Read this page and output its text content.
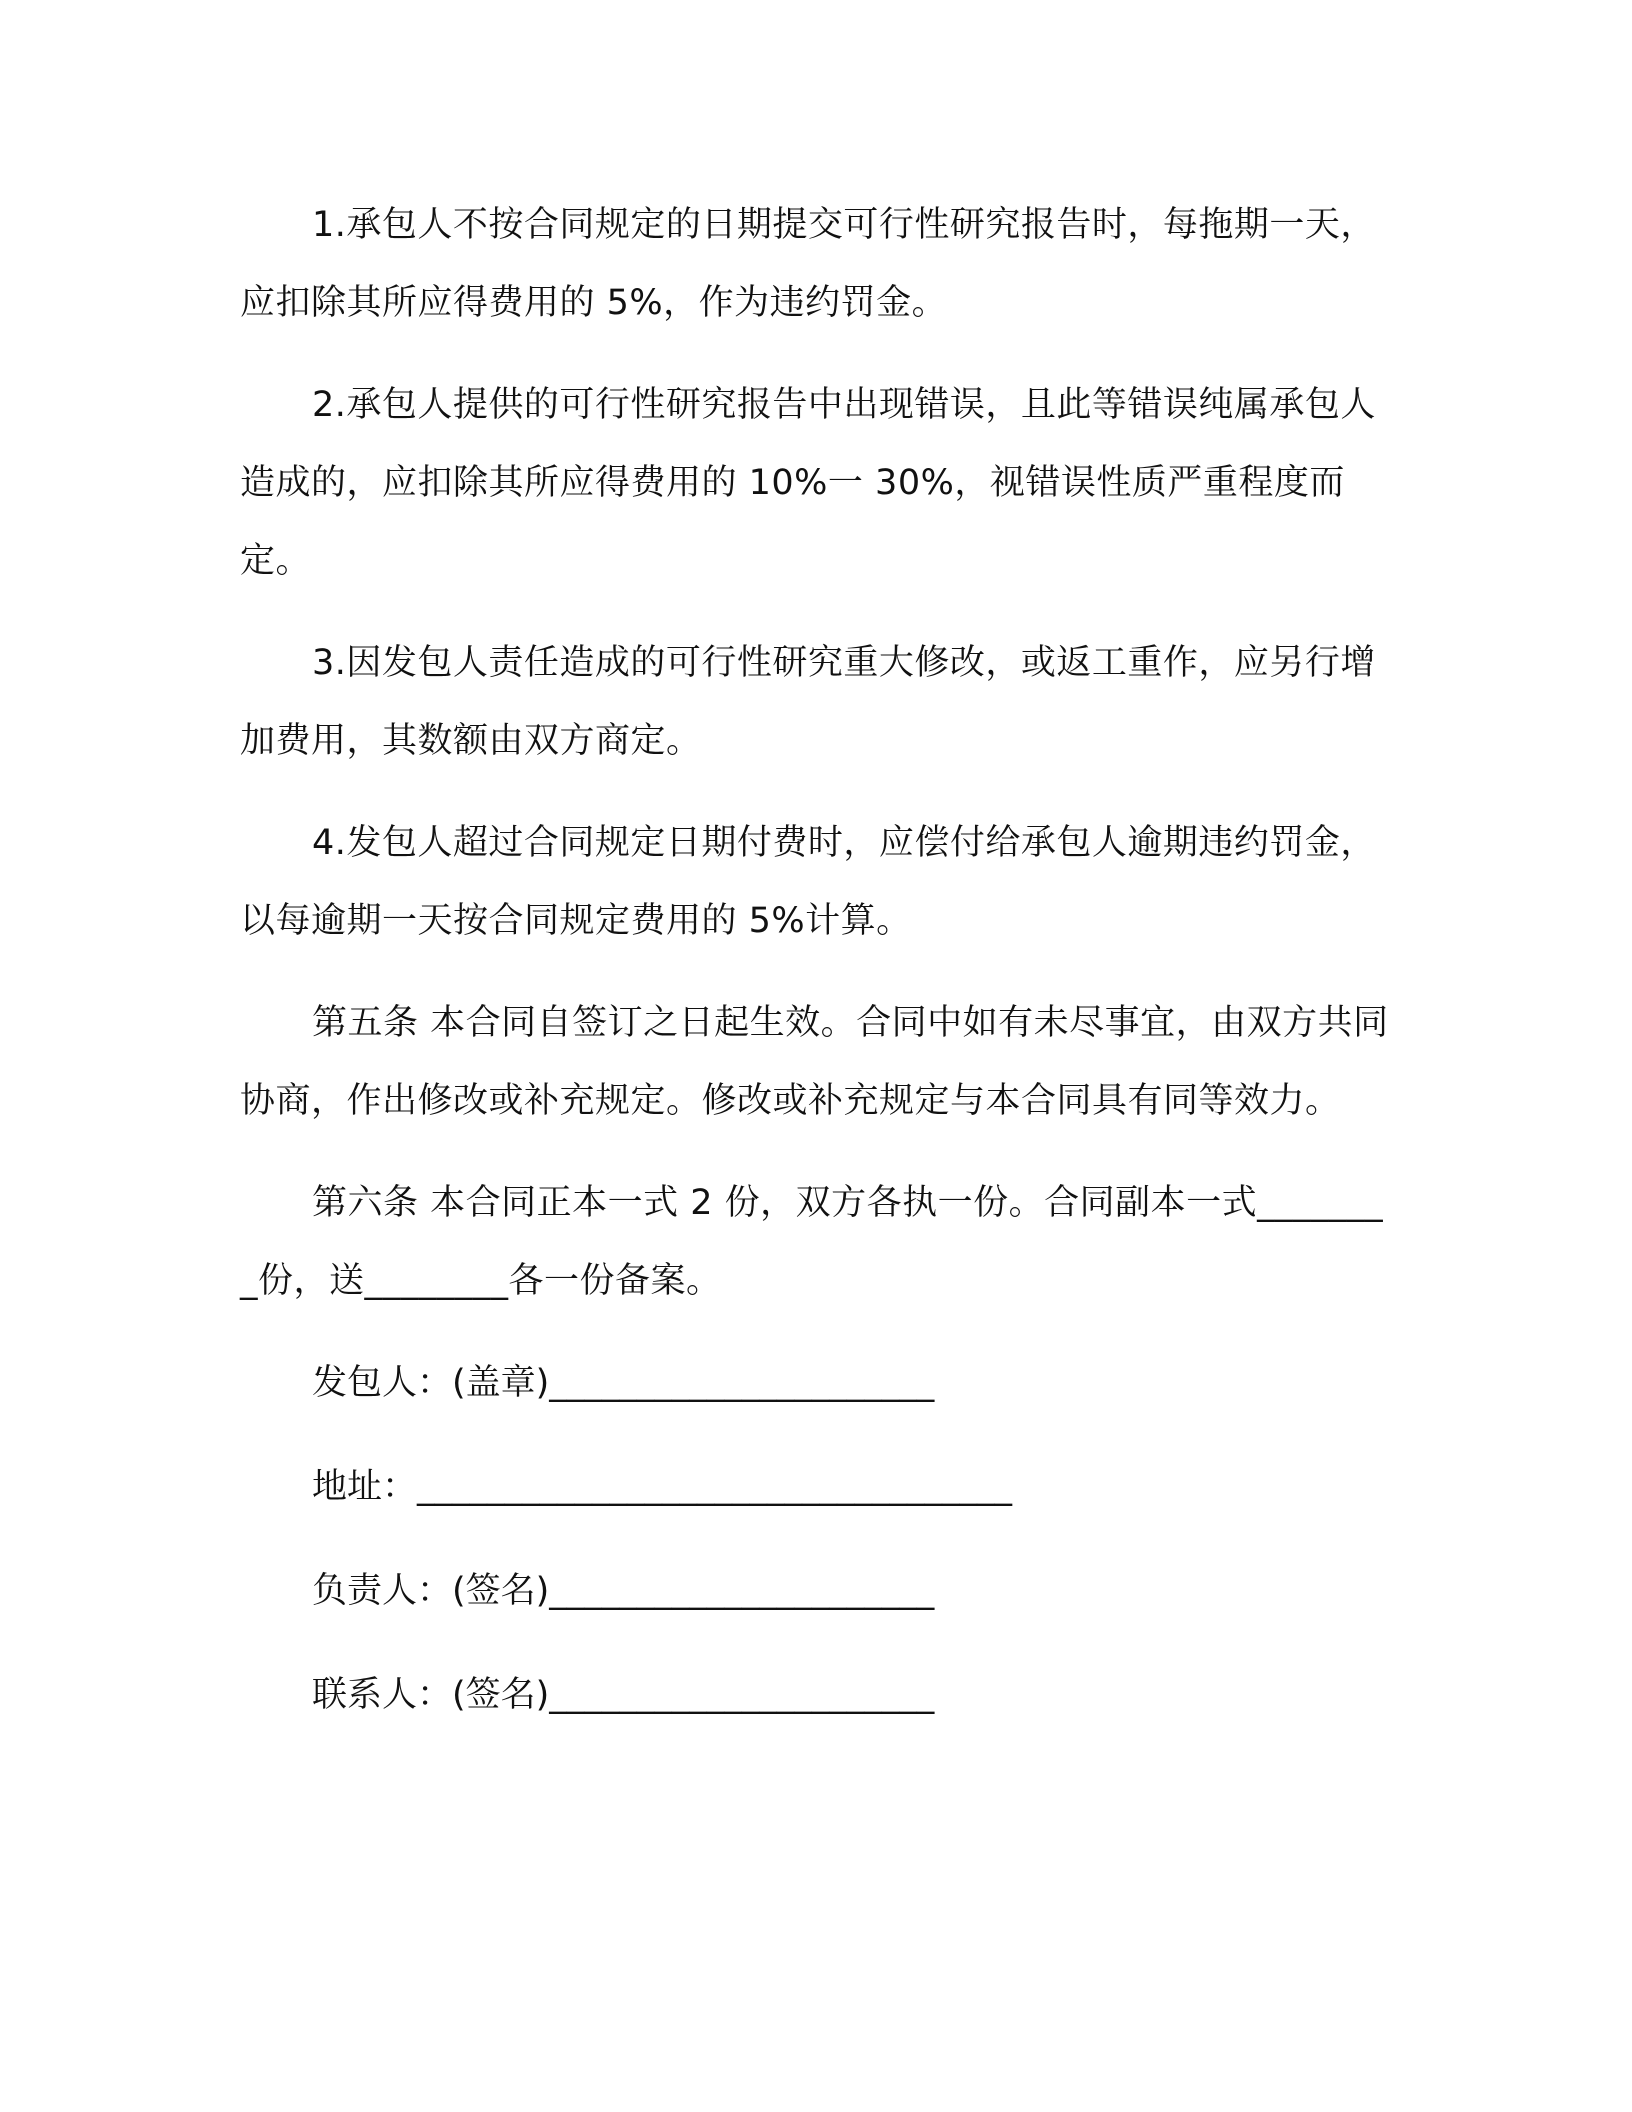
1.承包人不按合同规定的日期提交可行性研究报告时，每拖期一天，应扣除其所应得费用的 5%，作为违约罚金。

2.承包人提供的可行性研究报告中出现错误，且此等错误纯属承包人造成的，应扣除其所应得费用的 10%一 30%，视错误性质严重程度而定。

3.因发包人责任造成的可行性研究重大修改，或返工重作，应另行增加费用，其数额由双方商定。

4.发包人超过合同规定日期付费时，应偿付给承包人逾期违约罚金，以每逾期一天按合同规定费用的 5%计算。

第五条 本合同自签订之日起生效。合同中如有未尽事宜，由双方共同协商，作出修改或补充规定。修改或补充规定与本合同具有同等效力。

第六条 本合同正本一式 2 份，双方各执一份。合同副本一式________份，送________各一份备案。

发包人：(盖章)______________________
地址：__________________________________
负责人：(签名)______________________
联系人：(签名)______________________
